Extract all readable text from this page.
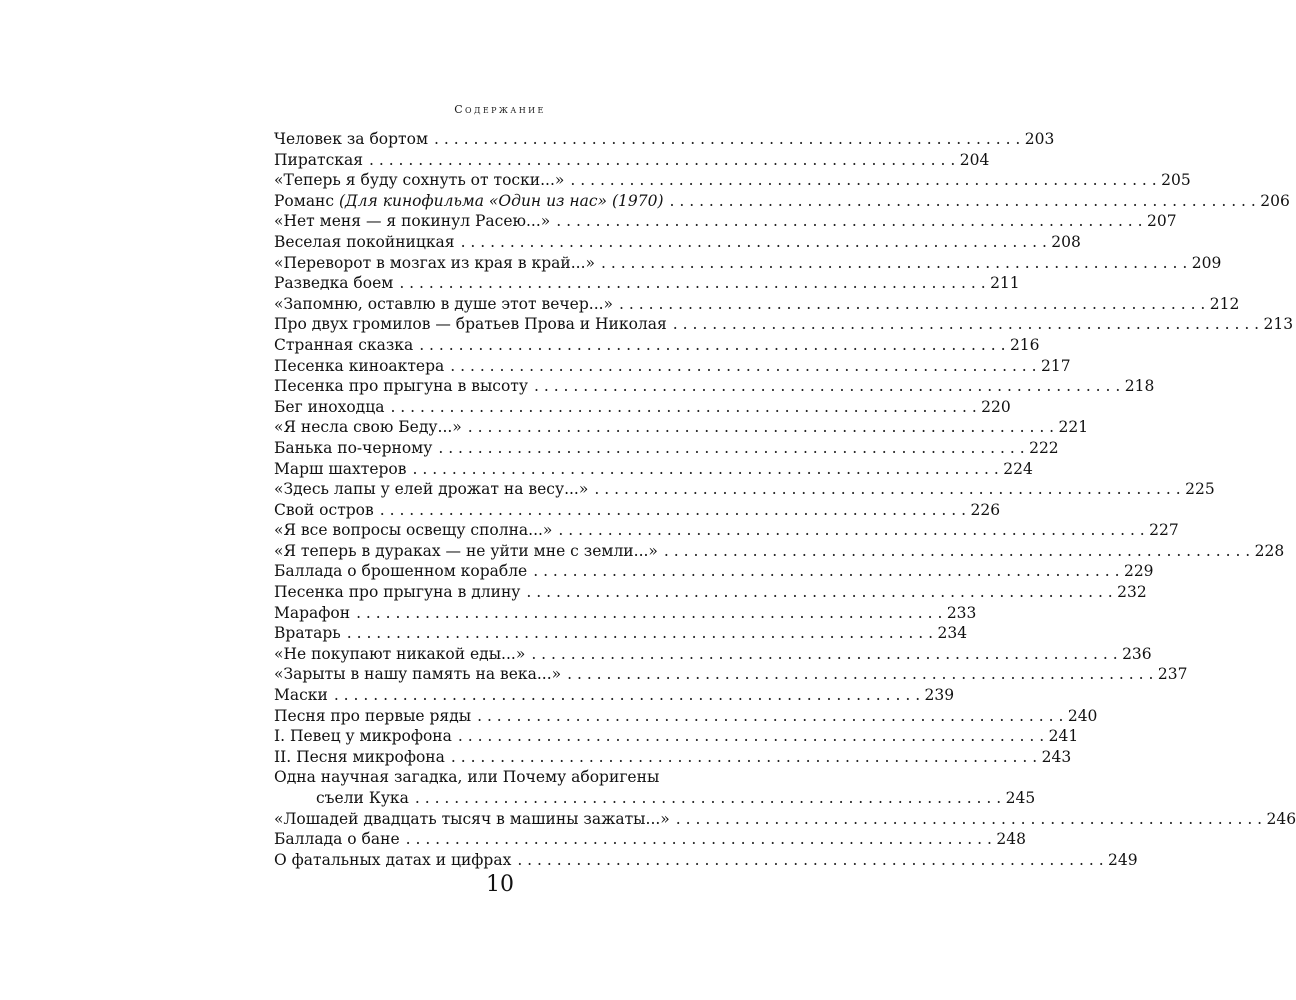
Содержание
Человек за бортом . . .	203
Пиратская . . .	204
«Теперь я буду сохнуть от тоски...» . . .	205
Романс (Для кинофильма «Один из нас» (1970) . . .	206
«Нет меня — я покинул Расею...» . . .	207
Веселая покойницкая . . .	208
«Переворот в мозгах из края в край...» . . .	209
Разведка боем . . .	211
«Запомню, оставлю в душе этот вечер...» . . .	212
Про двух громилов — братьев Прова и Николая . . .	213
Странная сказка . . .	216
Песенка киноактера . . .	217
Песенка про прыгуна в высоту . . .	218
Бег иноходца . . .	220
«Я несла свою Беду...» . . .	221
Банька по-черному . . .	222
Марш шахтеров . . .	224
«Здесь лапы у елей дрожат на весу...» . . .	225
Свой остров . . .	226
«Я все вопросы освещу сполна...» . . .	227
«Я теперь в дураках — не уйти мне с земли...» . . .	228
Баллада о брошенном корабле . . .	229
Песенка про прыгуна в длину . . .	232
Марафон . . .	233
Вратарь . . .	234
«Не покупают никакой еды...» . . .	236
«Зарыты в нашу память на века...» . . .	237
Маски . . .	239
Песня про первые ряды . . .	240
I. Певец у микрофона . . .	241
II. Песня микрофона . . .	243
Одна научная загадка, или Почему аборигены
съели Кука . . .	245
«Лошадей двадцать тысяч в машины зажаты...» . . .	246
Баллада о бане . . .	248
О фатальных датах и цифрах . . .	249
10
